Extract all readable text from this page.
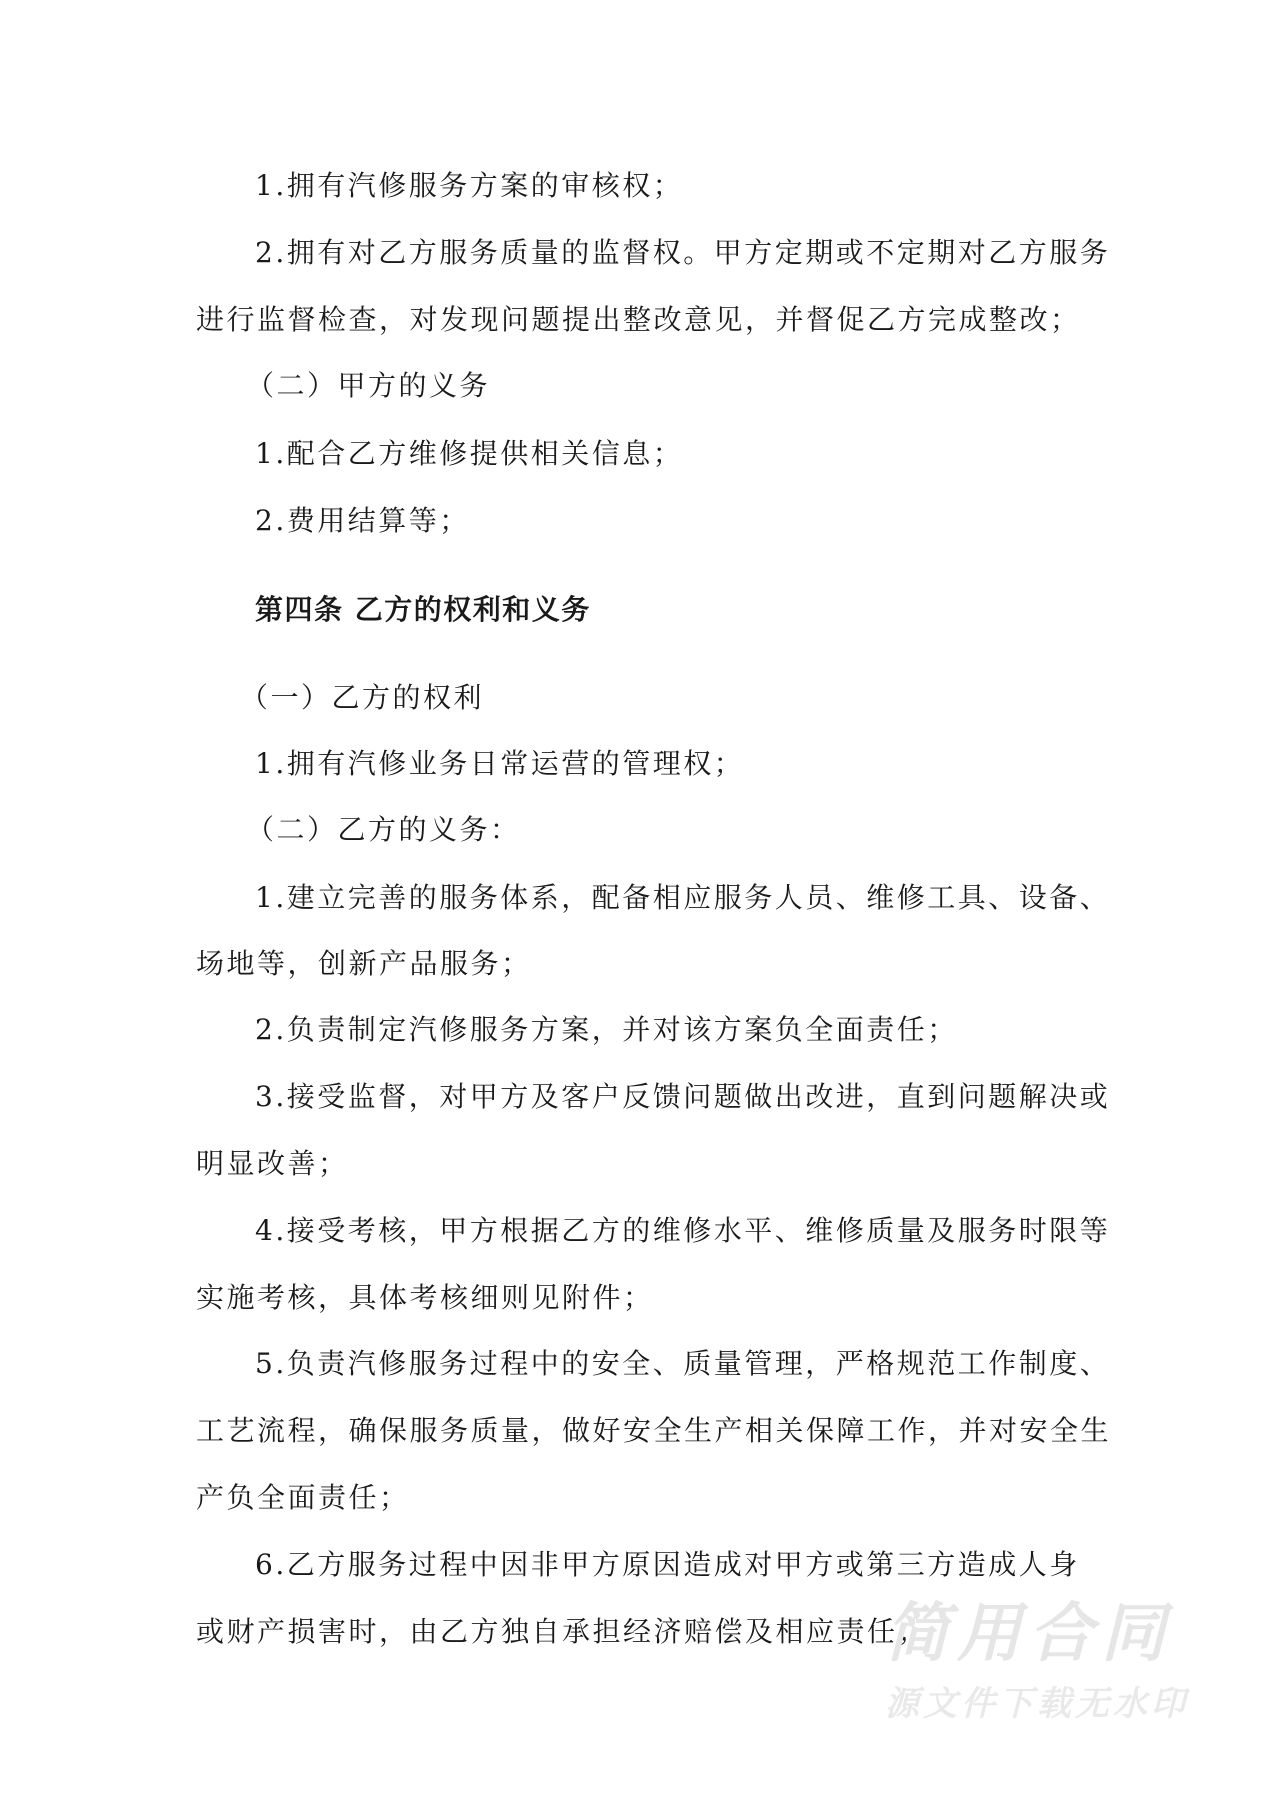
1.拥有汽修服务方案的审核权；
2.拥有对乙方服务质量的监督权。甲方定期或不定期对乙方服务
进行监督检查，对发现问题提出整改意见，并督促乙方完成整改；
（二）甲方的义务
1.配合乙方维修提供相关信息；
2.费用结算等；
第四条 乙方的权利和义务
（一）乙方的权利
1.拥有汽修业务日常运营的管理权；
（二）乙方的义务：
1.建立完善的服务体系，配备相应服务人员、维修工具、设备、
场地等，创新产品服务；
2.负责制定汽修服务方案，并对该方案负全面责任；
3.接受监督，对甲方及客户反馈问题做出改进，直到问题解决或
明显改善；
4.接受考核，甲方根据乙方的维修水平、维修质量及服务时限等
实施考核，具体考核细则见附件；
5.负责汽修服务过程中的安全、质量管理，严格规范工作制度、
工艺流程，确保服务质量，做好安全生产相关保障工作，并对安全生
产负全面责任；
6.乙方服务过程中因非甲方原因造成对甲方或第三方造成人身
或财产损害时，由乙方独自承担经济赔偿及相应责任；
简用合同
源文件下载无水印
